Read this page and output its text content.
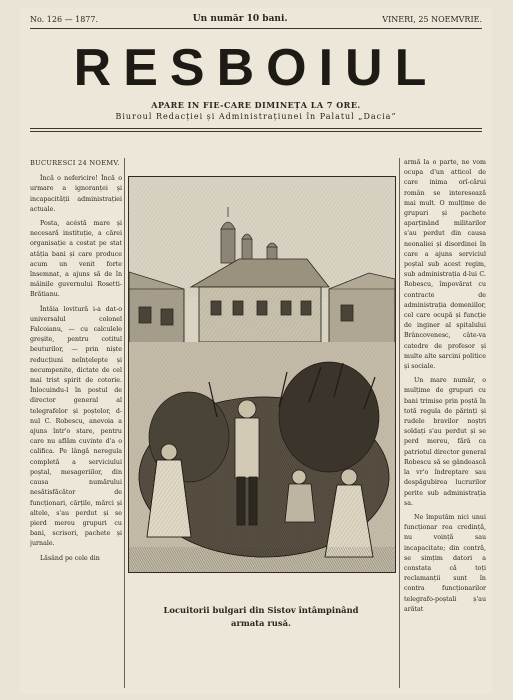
No. 126 — 1877.	Un număr 10 bani.	VINERI, 25 NOEMVRIE.
RESBOIUL
APARE IN FIE-CARE DIMINEȚA LA 7 ORE.
Biuroul Redacției și Administrațiunei în Palatul „Dacia”
BUCURESCI 24 NOEMV.

Încă o nefericire! Încă o urmare a ignoranței și incapacității administrației actuale.

Posta, acéstă mare și necesară instituție, a cărei organisație a costat pe stat atâția bani și care produce acum un venit forte însemnat, a ajuns să de în mâinile guvernului Rosetti-Brătianu.

Întâia lovitură i-a dat-o universalul colonel Falcoianu, — cu calculele greșite, pentru cotitul beuturilor, — prin niște reducțiuni neînțelepte și necumpenite, dictate de cel mai trist spirit de cotorie. Înlocuindu-l în postul de director general al telegrafelor și poștelor, d-nul C. Robescu, anevoia a ajuns într'o stare, pentru care nu aflăm cuvinte d'a o califica. Pe lângă neregula completă a serviciului poștal, mesageriilor, din causa numărului nesătisfăcător de funcționari, cărțile, mărci și altele, s'au perdut și se pierd mereu grupuri cu bani, scrisori, pachete și jurnale.

Lăsând pe cele din

Locuitorii bulgari din Sistov întâmpinând
armata rusă.

armă la o parte, ne vom ocupa d'un atticol de care inima orî-cărui român se interesează mai mult. O mulțime de grupuri și pachete aparținând militarilor s'au perdut din causa neonaliei și disordinei în care a ajuns serviciul poștal sub acest regim, sub administrația d-lui C. Robescu, împovărat cu contracte de administrația domeniilor, cel care ocupă și funcție de inginer al spitalului Brâncovenesc, câte-va catedre de profesor și multe alte sarcini politice și sociale.

Un mare număr, o mulțime de grupuri cu bani trimise prin poștă în totă regula de părinți și rudele bravilor noștri soldați s'au perdut și se perd mereu, fără ca patriotul director general Robescu să se gândească la vr'o îndreptare sau despăgubirea lucrurilor perite sub administrația sa.

Ne împutăm nici unui funcționar rea credință, nu voință sau incapacitate; din contră, se simțim datori a constata că toți reclamanții sunt în contra funcționarilor telegrafo-poștali ș'au arătat
